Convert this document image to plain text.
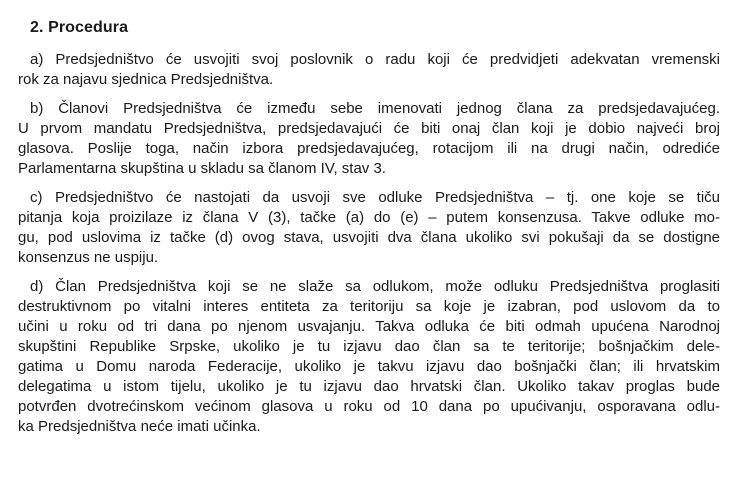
2. Procedura

a) Predsjedništvo će usvojiti svoj poslovnik o radu koji će predvidjeti adekvatan vremenski
rok za najavu sjednica Predsjedništva.

b) Članovi Predsjedništva će između sebe imenovati jednog člana za predsjedavajućeg.
U prvom mandatu Predsjedništva, predsjedavajući će biti onaj član koji je dobio najveći broj
glasova. Poslije toga, način izbora predsjedavajućeg, rotacijom ili na drugi način, odrediće
Parlamentarna skupština u skladu sa članom IV, stav 3.

c) Predsjedništvo će nastojati da usvoji sve odluke Predsjedništva – tj. one koje se tiču
pitanja koja proizilaze iz člana V (3), tačke (a) do (e) – putem konsenzusa. Takve odluke mo-
gu, pod uslovima iz tačke (d) ovog stava, usvojiti dva člana ukoliko svi pokušaji da se dostigne
konsenzus ne uspiju.

d) Član Predsjedništva koji se ne slaže sa odlukom, može odluku Predsjedništva proglasiti
destruktivnom po vitalni interes entiteta za teritoriju sa koje je izabran, pod uslovom da to
učini u roku od tri dana po njenom usvajanju. Takva odluka će biti odmah upućena Narodnoj
skupštini Republike Srpske, ukoliko je tu izjavu dao član sa te teritorije; bošnjačkim dele-
gatima u Domu naroda Federacije, ukoliko je takvu izjavu dao bošnjački član; ili hrvatskim
delegatima u istom tijelu, ukoliko je tu izjavu dao hrvatski član. Ukoliko takav proglas bude
potvrđen dvotrećinskom većinom glasova u roku od 10 dana po upućivanju, osporavana odlu-
ka Predsjedništva neće imati učinka.
